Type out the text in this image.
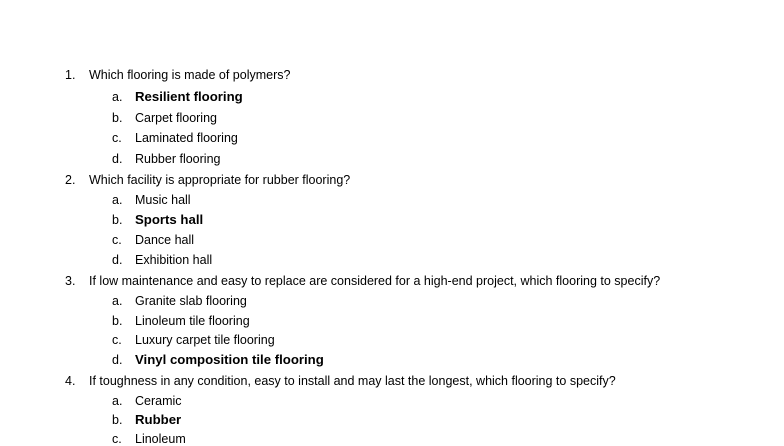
1. Which flooring is made of polymers?
a. Resilient flooring
b. Carpet flooring
c. Laminated flooring
d. Rubber flooring
2. Which facility is appropriate for rubber flooring?
a. Music hall
b. Sports hall
c. Dance hall
d. Exhibition hall
3. If low maintenance and easy to replace are considered for a high-end project, which flooring to specify?
a. Granite slab flooring
b. Linoleum tile flooring
c. Luxury carpet tile flooring
d. Vinyl composition tile flooring
4. If toughness in any condition, easy to install and may last the longest, which flooring to specify?
a. Ceramic
b. Rubber
c. Linoleum
